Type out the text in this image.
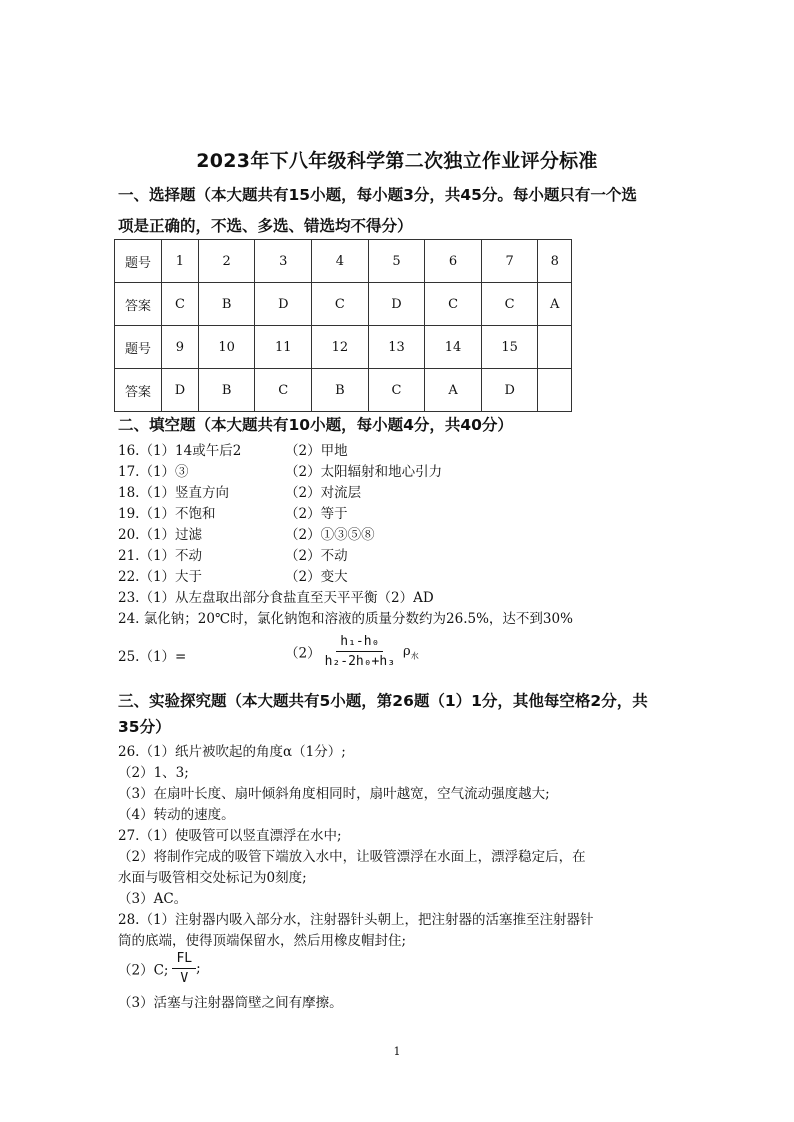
2023年下八年级科学第二次独立作业评分标准
一、选择题（本大题共有15小题，每小题3分，共45分。每小题只有一个选
项是正确的，不选、多选、错选均不得分）
题号	1	2	3	4	5	6	7	8
答案	C	B	D	C	D	C	C	A
题号	9	10	11	12	13	14	15	
答案	D	B	C	B	C	A	D	
二、填空题（本大题共有10小题，每小题4分，共40分）
16.（1）14或午后2	（2）甲地
17.（1）③	（2）太阳辐射和地心引力
18.（1）竖直方向	（2）对流层
19.（1）不饱和	（2）等于
20.（1）过滤	（2）①③⑤⑧
21.（1）不动	（2）不动
22.（1）大于	（2）变大
23.（1）从左盘取出部分食盐直至天平平衡（2）AD
24. 氯化钠；20℃时，氯化钠饱和溶液的质量分数约为26.5%，达不到30%
25.（1）=	$(2) \frac{\text{h₁-h₀}}{\text{h₂-2h₀+h₃}} \rho_水$
三、实验探究题（本大题共有5小题，第26题（1）1分，其他每空格2分，共
35分）
26.（1）纸片被吹起的角度α（1分）;
（2）1、3;
（3）在扇叶长度、扇叶倾斜角度相同时，扇叶越宽，空气流动强度越大;
（4）转动的速度。
27.（1）使吸管可以竖直漂浮在水中;
（2）将制作完成的吸管下端放入水中，让吸管漂浮在水面上，漂浮稳定后，在
水面与吸管相交处标记为0刻度;
（3）AC。
28.（1）注射器内吸入部分水，注射器针头朝上，把注射器的活塞推至注射器针
筒的底端，使得顶端保留水，然后用橡皮帽封住;
（2）C; $\frac{FL}{V}$ ;
（3）活塞与注射器筒壁之间有摩擦。
1
